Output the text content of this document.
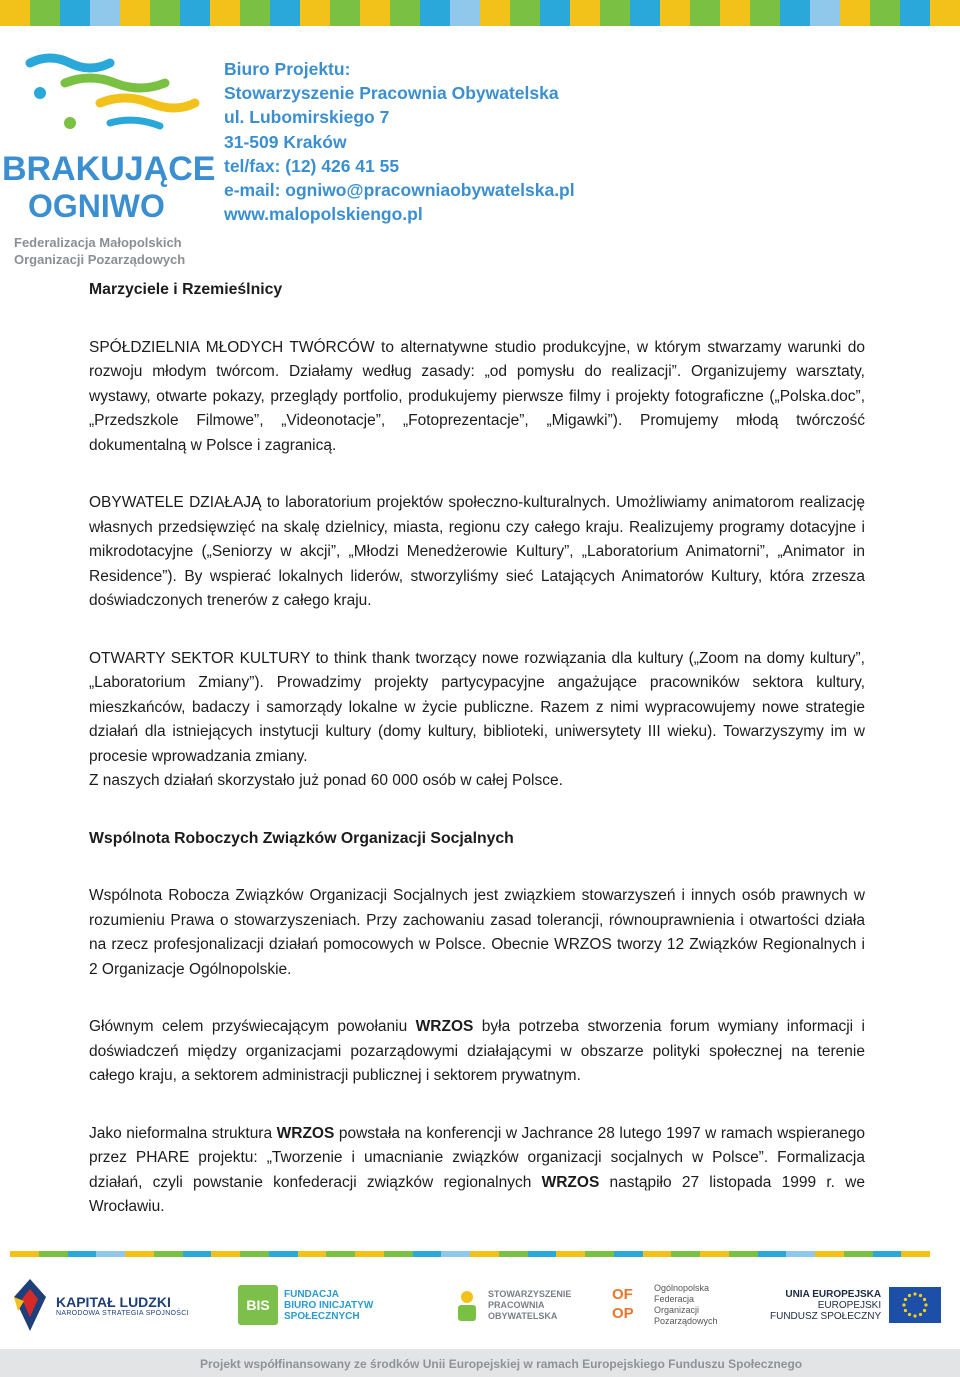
BRAKUJĄCE
OGNIWO
Federalizacja Małopolskich
Organizacji Pozarządowych
Biuro Projektu:
Stowarzyszenie Pracownia Obywatelska
ul. Lubomirskiego 7
31-509 Kraków
tel/fax: (12) 426 41 55
e-mail: ogniwo@pracowniaobywatelska.pl
www.malopolskiengo.pl

Marzyciele i Rzemieślnicy

SPÓŁDZIELNIA MŁODYCH TWÓRCÓW to alternatywne studio produkcyjne, w którym stwarzamy warunki do rozwoju młodym twórcom. Działamy według zasady: „od pomysłu do realizacji”. Organizujemy warsztaty, wystawy, otwarte pokazy, przeglądy portfolio, produkujemy pierwsze filmy i projekty fotograficzne („Polska.doc”, „Przedszkole Filmowe”, „Videonotacje”, „Fotoprezentacje”, „Migawki”). Promujemy młodą twórczość dokumentalną w Polsce i zagranicą.

OBYWATELE DZIAŁAJĄ to laboratorium projektów społeczno-kulturalnych. Umożliwiamy animatorom realizację własnych przedsięwzięć na skalę dzielnicy, miasta, regionu czy całego kraju. Realizujemy programy dotacyjne i mikrodotacyjne („Seniorzy w akcji”, „Młodzi Menedżerowie Kultury”, „Laboratorium Animatorni”, „Animator in Residence”). By wspierać lokalnych liderów, stworzyliśmy sieć Latających Animatorów Kultury, która zrzesza doświadczonych trenerów z całego kraju.

OTWARTY SEKTOR KULTURY to think thank tworzący nowe rozwiązania dla kultury („Zoom na domy kultury”, „Laboratorium Zmiany”). Prowadzimy projekty partycypacyjne angażujące pracowników sektora kultury, mieszkańców, badaczy i samorządy lokalne w życie publiczne. Razem z nimi wypracowujemy nowe strategie działań dla istniejących instytucji kultury (domy kultury, biblioteki, uniwersytety III wieku). Towarzyszymy im w procesie wprowadzania zmiany.

Z naszych działań skorzystało już ponad 60 000 osób w całej Polsce.

Wspólnota Roboczych Związków Organizacji Socjalnych

Wspólnota Robocza Związków Organizacji Socjalnych jest związkiem stowarzyszeń i innych osób prawnych w rozumieniu Prawa o stowarzyszeniach. Przy zachowaniu zasad tolerancji, równouprawnienia i otwartości działa na rzecz profesjonalizacji działań pomocowych w Polsce. Obecnie WRZOS tworzy 12 Związków Regionalnych i 2 Organizacje Ogólnopolskie.

Głównym celem przyświecającym powołaniu WRZOS była potrzeba stworzenia forum wymiany informacji i doświadczeń między organizacjami pozarządowymi działającymi w obszarze polityki społecznej na terenie całego kraju, a sektorem administracji publicznej i sektorem prywatnym.

Jako nieformalna struktura WRZOS powstała na konferencji w Jachrance 28 lutego 1997 w ramach wspieranego przez PHARE projektu: „Tworzenie i umacnianie związków organizacji socjalnych w Polsce”. Formalizacja działań, czyli powstanie konfederacji związków regionalnych WRZOS nastąpiło 27 listopada 1999 r. we Wrocławiu.

KAPITAŁ LUDZKI
NARODOWA STRATEGIA SPÓJNOŚCI	BIS
FUNDACJA
BIURO INICJATYW
SPOŁECZNYCH
STOWARZYSZENIE
PRACOWNIA
OBYWATELSKA
OF OP
Ogólnopolska
Federacja
Organizacji
Pozarządowych
UNIA EUROPEJSKA
EUROPEJSKI
FUNDUSZ SPOŁECZNY
Projekt współfinansowany ze środków Unii Europejskiej w ramach Europejskiego Funduszu Społecznego
